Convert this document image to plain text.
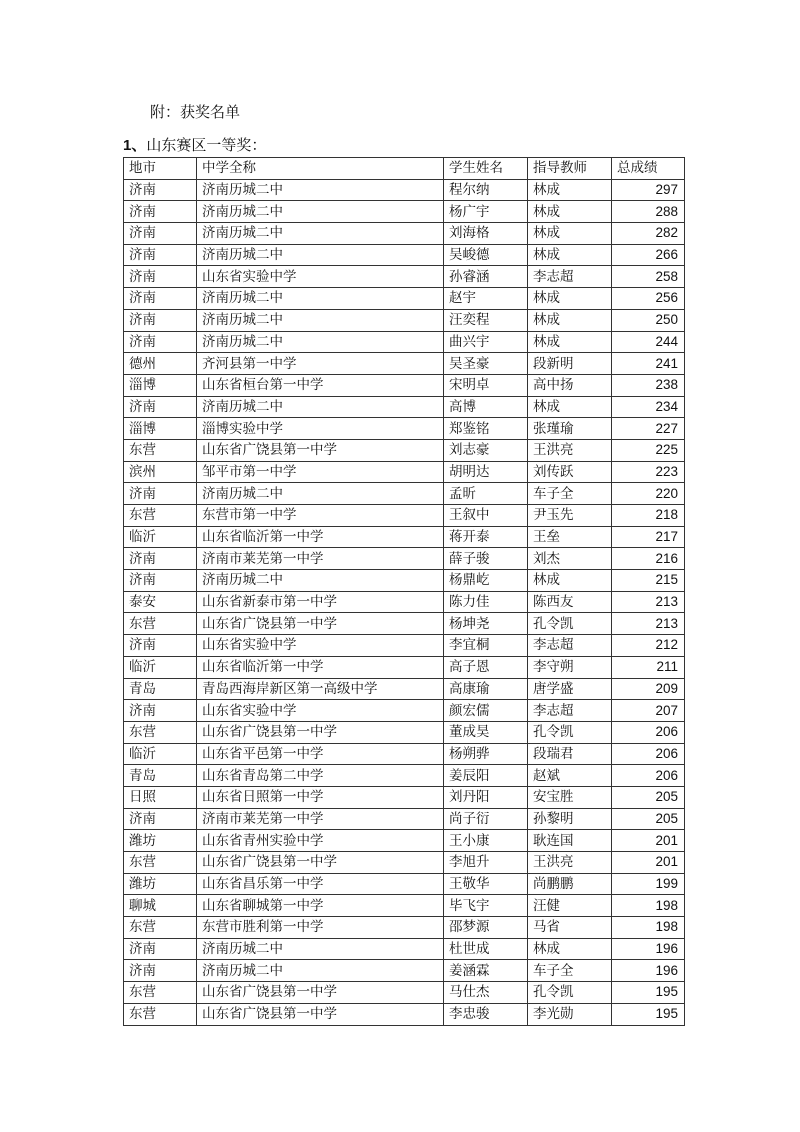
附：获奖名单
1、山东赛区一等奖：
地市	中学全称	学生姓名	指导教师	总成绩
济南	济南历城二中	程尔纳	林成	297
济南	济南历城二中	杨广宇	林成	288
济南	济南历城二中	刘海格	林成	282
济南	济南历城二中	吴峻德	林成	266
济南	山东省实验中学	孙睿涵	李志超	258
济南	济南历城二中	赵宇	林成	256
济南	济南历城二中	汪奕程	林成	250
济南	济南历城二中	曲兴宇	林成	244
德州	齐河县第一中学	吴圣豪	段新明	241
淄博	山东省桓台第一中学	宋明卓	高中扬	238
济南	济南历城二中	高博	林成	234
淄博	淄博实验中学	郑鉴铭	张瑾瑜	227
东营	山东省广饶县第一中学	刘志豪	王洪亮	225
滨州	邹平市第一中学	胡明达	刘传跃	223
济南	济南历城二中	孟昕	车子全	220
东营	东营市第一中学	王叙中	尹玉先	218
临沂	山东省临沂第一中学	蒋开泰	王垒	217
济南	济南市莱芜第一中学	薛子骏	刘杰	216
济南	济南历城二中	杨鼎屹	林成	215
泰安	山东省新泰市第一中学	陈力佳	陈西友	213
东营	山东省广饶县第一中学	杨坤尧	孔令凯	213
济南	山东省实验中学	李宜桐	李志超	212
临沂	山东省临沂第一中学	高子恩	李守朔	211
青岛	青岛西海岸新区第一高级中学	高康瑜	唐学盛	209
济南	山东省实验中学	颜宏儒	李志超	207
东营	山东省广饶县第一中学	董成昊	孔令凯	206
临沂	山东省平邑第一中学	杨朔骅	段瑞君	206
青岛	山东省青岛第二中学	姜辰阳	赵斌	206
日照	山东省日照第一中学	刘丹阳	安宝胜	205
济南	济南市莱芜第一中学	尚子衍	孙黎明	205
潍坊	山东省青州实验中学	王小康	耿连国	201
东营	山东省广饶县第一中学	李旭升	王洪亮	201
潍坊	山东省昌乐第一中学	王敬华	尚鹏鹏	199
聊城	山东省聊城第一中学	毕飞宇	汪健	198
东营	东营市胜利第一中学	邵梦源	马省	198
济南	济南历城二中	杜世成	林成	196
济南	济南历城二中	姜涵霖	车子全	196
东营	山东省广饶县第一中学	马仕杰	孔令凯	195
东营	山东省广饶县第一中学	李忠骏	李光勋	195
